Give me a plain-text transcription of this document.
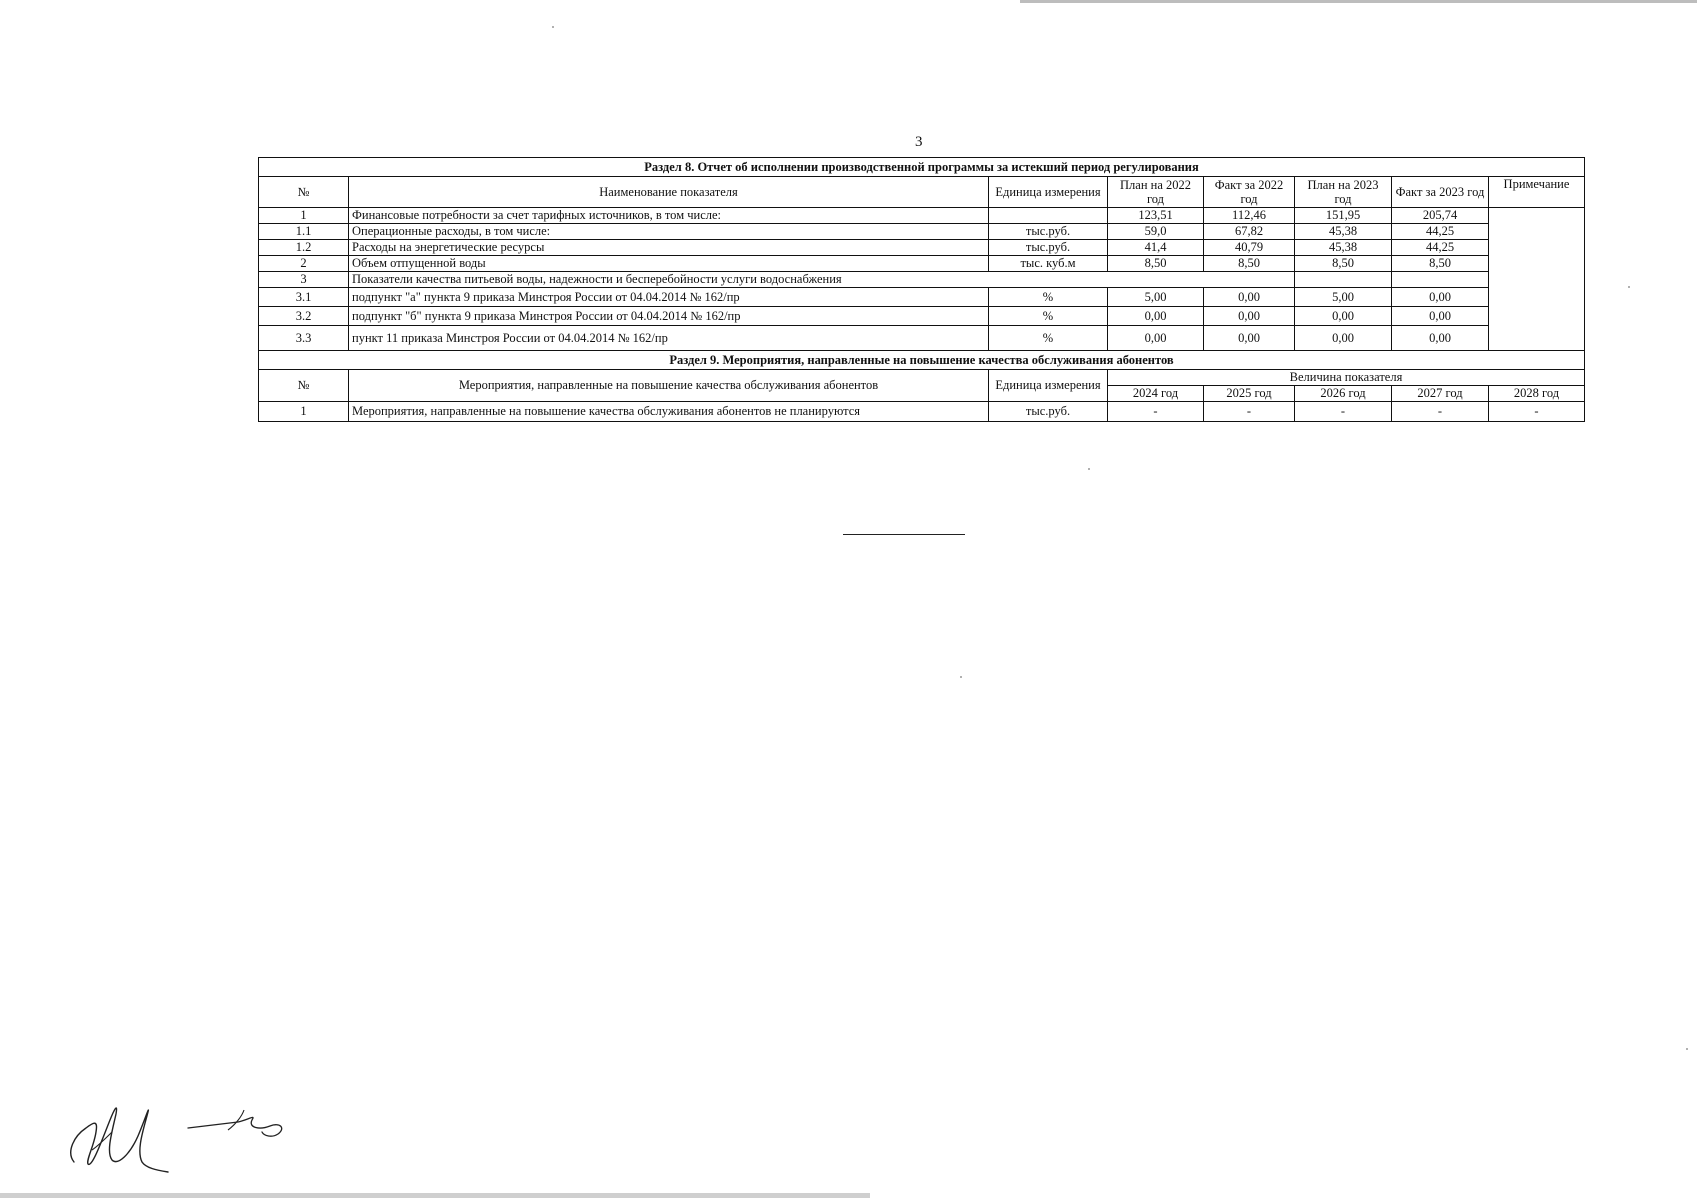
3
Раздел 8. Отчет об исполнении производственной программы за истекший период регулирования							
№	Наименование показателя	Единица измерения	План на 2022 год	Факт за 2022 год	План на 2023 год	Факт за 2023 год	Примечание
1	Финансовые потребности за счет тарифных источников, в том числе:		123,51	112,46	151,95	205,74	
1.1	Операционные расходы, в том числе:	тыс.руб.	59,0	67,82	45,38	44,25	
1.2	Расходы на энергетические ресурсы	тыс.руб.	41,4	40,79	45,38	44,25	
2	Объем отпущенной воды	тыс. куб.м	8,50	8,50	8,50	8,50	
3	Показатели качества питьевой воды, надежности и бесперебойности услуги водоснабжения						
3.1	подпункт "а" пункта 9 приказа Минстроя России от 04.04.2014 № 162/пр	%	5,00	0,00	5,00	0,00	
3.2	подпункт "б" пункта 9 приказа Минстроя России от 04.04.2014 № 162/пр	%	0,00	0,00	0,00	0,00	
3.3	пункт 11 приказа Минстроя России от 04.04.2014 № 162/пр	%	0,00	0,00	0,00	0,00	
Раздел 9. Мероприятия, направленные на повышение качества обслуживания абонентов							
№	Мероприятия, направленные на повышение качества обслуживания абонентов	Единица измерения	Величина показателя				
			2024 год	2025 год	2026 год	2027 год	2028 год
1	Мероприятия, направленные на повышение качества обслуживания абонентов не планируются	тыс.руб.	-	-	-	-	-
